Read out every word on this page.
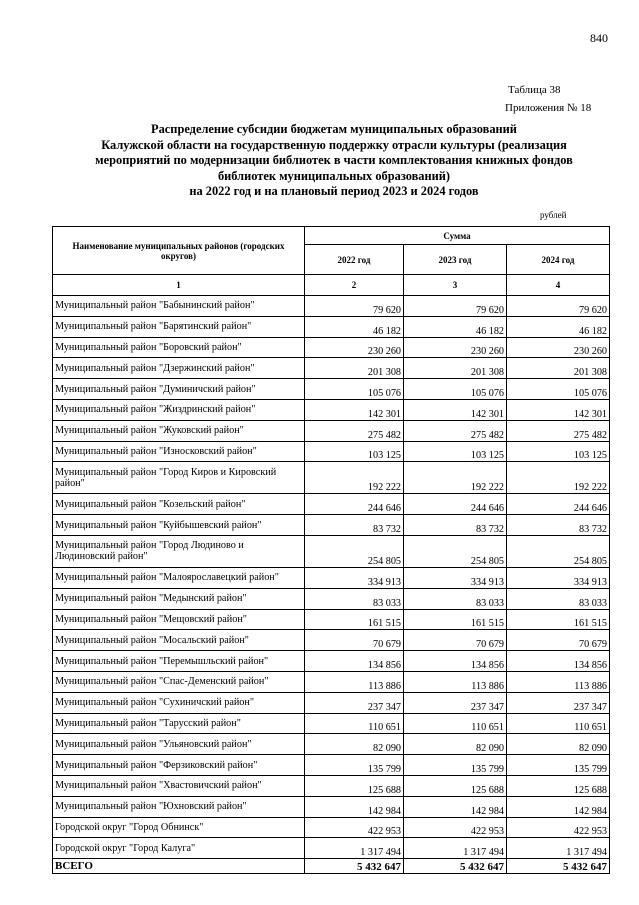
840
Таблица 38
Приложения № 18
Распределение субсидии бюджетам муниципальных образований
Калужской области на государственную поддержку отрасли культуры (реализация
мероприятий по модернизации библиотек в части комплектования книжных фондов
библиотек муниципальных образований)
на 2022 год и на плановый период 2023 и 2024 годов
рублей
Наименование муниципальных районов (городских округов)	Сумма		
	2022 год	2023 год	2024 год
1	2	3	4
Муниципальный район "Бабынинский район"	79 620	79 620	79 620
Муниципальный район "Барятинский район"	46 182	46 182	46 182
Муниципальный район "Боровский район"	230 260	230 260	230 260
Муниципальный район "Дзержинский район"	201 308	201 308	201 308
Муниципальный район "Думиничский район"	105 076	105 076	105 076
Муниципальный район "Жиздринский район"	142 301	142 301	142 301
Муниципальный район "Жуковский район"	275 482	275 482	275 482
Муниципальный район "Износковский район"	103 125	103 125	103 125
Муниципальный район "Город Киров и Кировский район"	192 222	192 222	192 222
Муниципальный район "Козельский район"	244 646	244 646	244 646
Муниципальный район "Куйбышевский район"	83 732	83 732	83 732
Муниципальный район "Город Людиново и Людиновский район"	254 805	254 805	254 805
Муниципальный район "Малоярославецкий район"	334 913	334 913	334 913
Муниципальный район "Медынский район"	83 033	83 033	83 033
Муниципальный район "Мещовский район"	161 515	161 515	161 515
Муниципальный район "Мосальский район"	70 679	70 679	70 679
Муниципальный район "Перемышльский район"	134 856	134 856	134 856
Муниципальный район "Спас-Деменский район"	113 886	113 886	113 886
Муниципальный район "Сухиничский район"	237 347	237 347	237 347
Муниципальный район "Тарусский район"	110 651	110 651	110 651
Муниципальный район "Ульяновский район"	82 090	82 090	82 090
Муниципальный район "Ферзиковский район"	135 799	135 799	135 799
Муниципальный район "Хвастовичский район"	125 688	125 688	125 688
Муниципальный район "Юхновский район"	142 984	142 984	142 984
Городской округ "Город Обнинск"	422 953	422 953	422 953
Городской округ "Город Калуга"	1 317 494	1 317 494	1 317 494
ВСЕГО	5 432 647	5 432 647	5 432 647
